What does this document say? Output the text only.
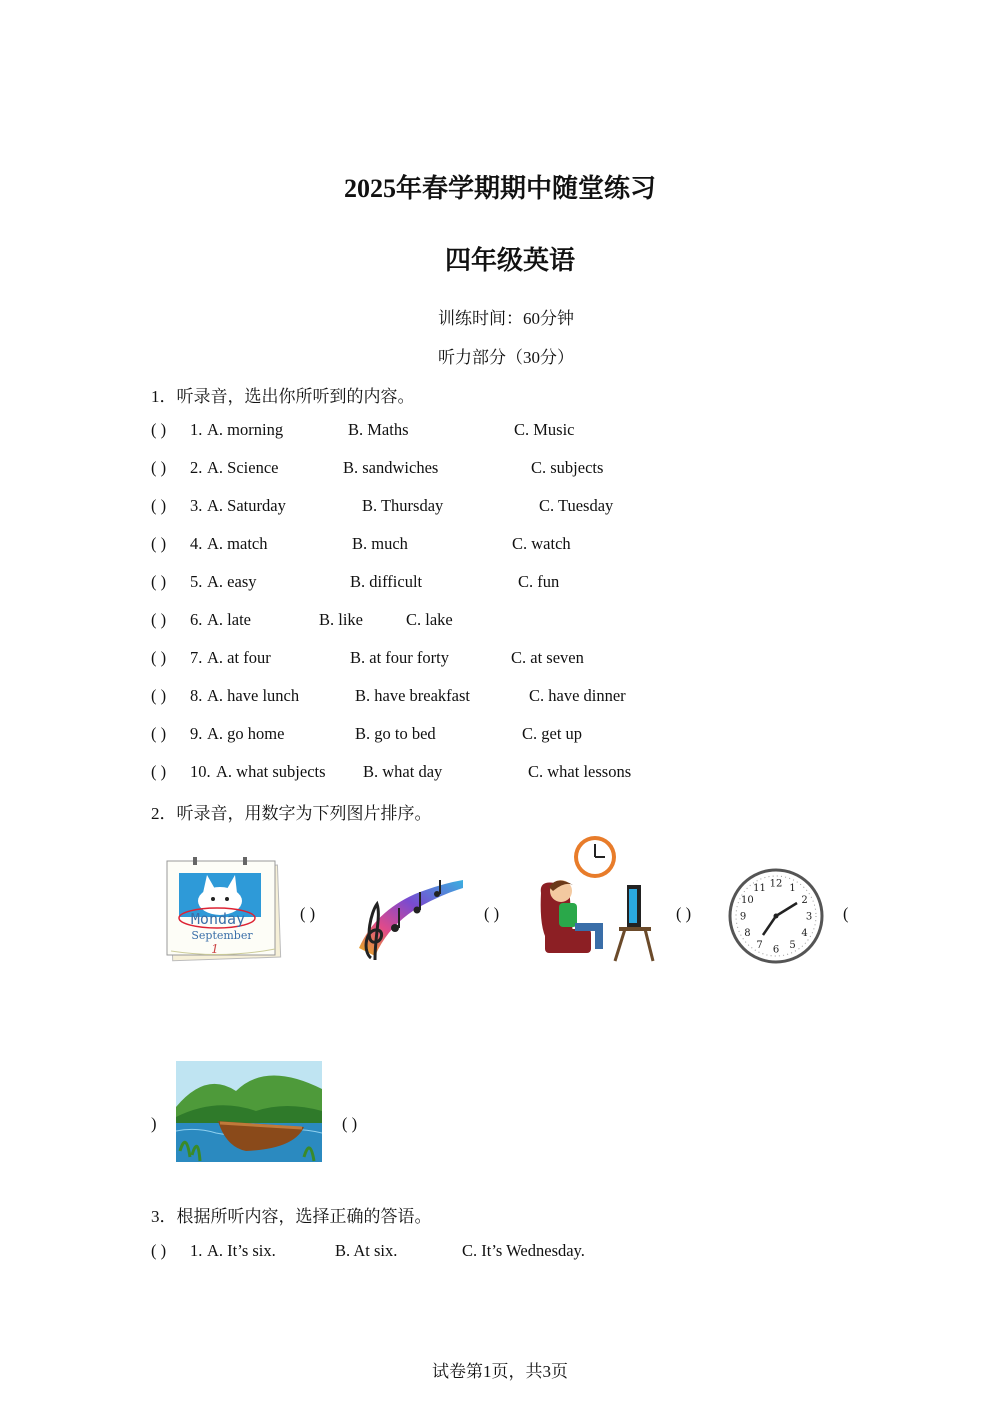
2025年春学期期中随堂练习
四年级英语
训练时间：60分钟
听力部分（30分）
1．听录音，选出你所听到的内容。
( ) 1. A. morning	B. Maths	C. Music
( ) 2. A. Science	B. sandwiches	C. subjects
( ) 3. A. Saturday	B. Thursday	C. Tuesday
( ) 4. A. match	B. much	C. watch
( ) 5. A. easy	B. difficult	C. fun
( ) 6. A. late	B. like	C. lake
( ) 7. A. at four	B. at four forty	C. at seven
( ) 8. A. have lunch	B. have breakfast	C. have dinner
( ) 9. A. go home	B. go to bed	C. get up
( ) 10. A. what subjects B. what day	C. what lessons
2．听录音，用数字为下列图片排序。
Monday
September
1
( )	( )	( )
1
2
3
4
5
6
7
8
9
10
11 12
(
)	( )
3．根据所听内容，选择正确的答语。
( ) 1. A. It’s six.	B. At six.	C. It’s Wednesday.
试卷第1页，共3页
